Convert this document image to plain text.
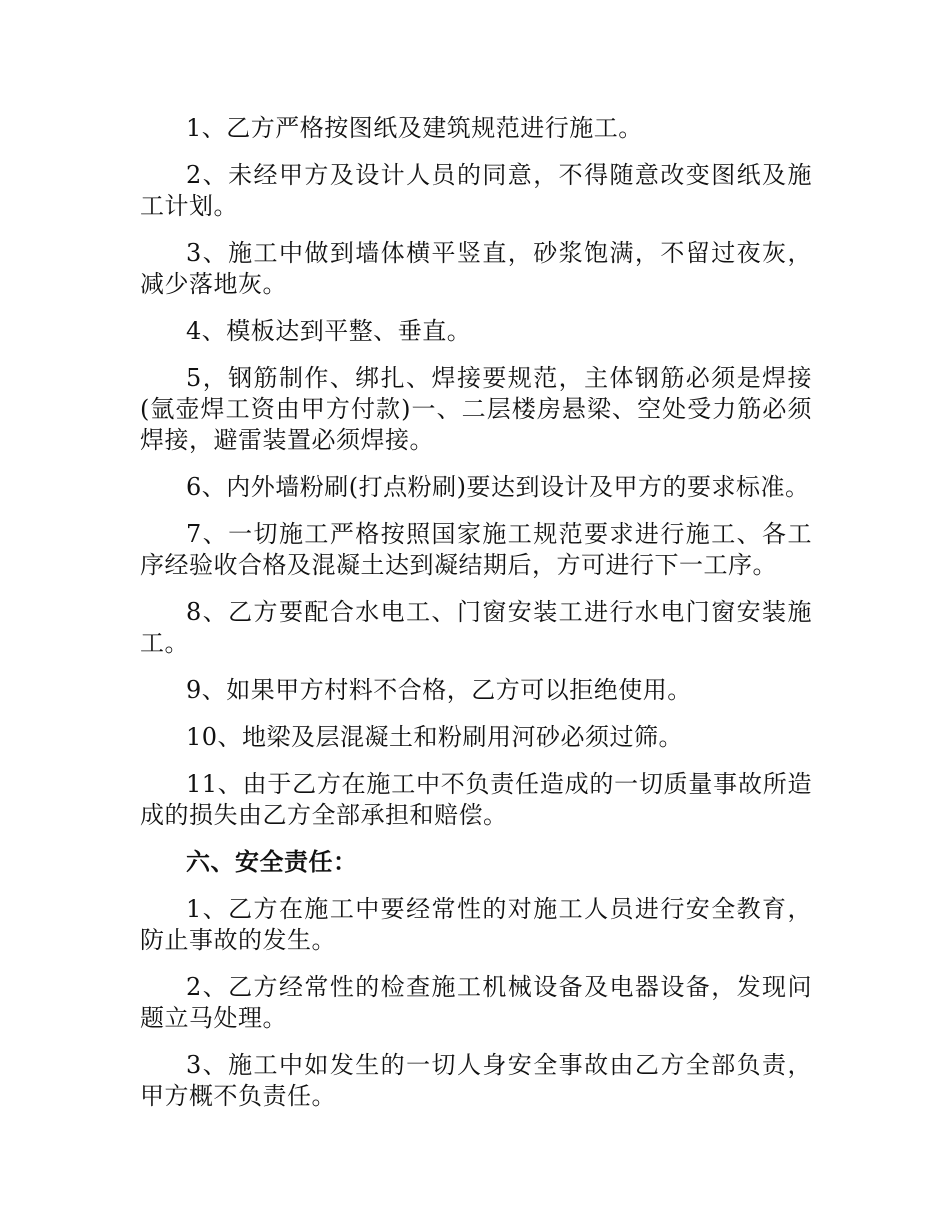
1、乙方严格按图纸及建筑规范进行施工。

2、未经甲方及设计人员的同意，不得随意改变图纸及施工计划。

3、施工中做到墙体横平竖直，砂浆饱满，不留过夜灰，减少落地灰。

4、模板达到平整、垂直。

5，钢筋制作、绑扎、焊接要规范，主体钢筋必须是焊接(氩壶焊工资由甲方付款)一、二层楼房悬梁、空处受力筋必须焊接，避雷装置必须焊接。

6、内外墙粉刷(打点粉刷)要达到设计及甲方的要求标准。

7、一切施工严格按照国家施工规范要求进行施工、各工序经验收合格及混凝土达到凝结期后，方可进行下一工序。

8、乙方要配合水电工、门窗安装工进行水电门窗安装施工。

9、如果甲方村料不合格，乙方可以拒绝使用。

10、地梁及层混凝土和粉刷用河砂必须过筛。

11、由于乙方在施工中不负责任造成的一切质量事故所造成的损失由乙方全部承担和赔偿。

六、安全责任：

1、乙方在施工中要经常性的对施工人员进行安全教育，防止事故的发生。

2、乙方经常性的检查施工机械设备及电器设备，发现问题立马处理。

3、施工中如发生的一切人身安全事故由乙方全部负责，甲方概不负责任。
